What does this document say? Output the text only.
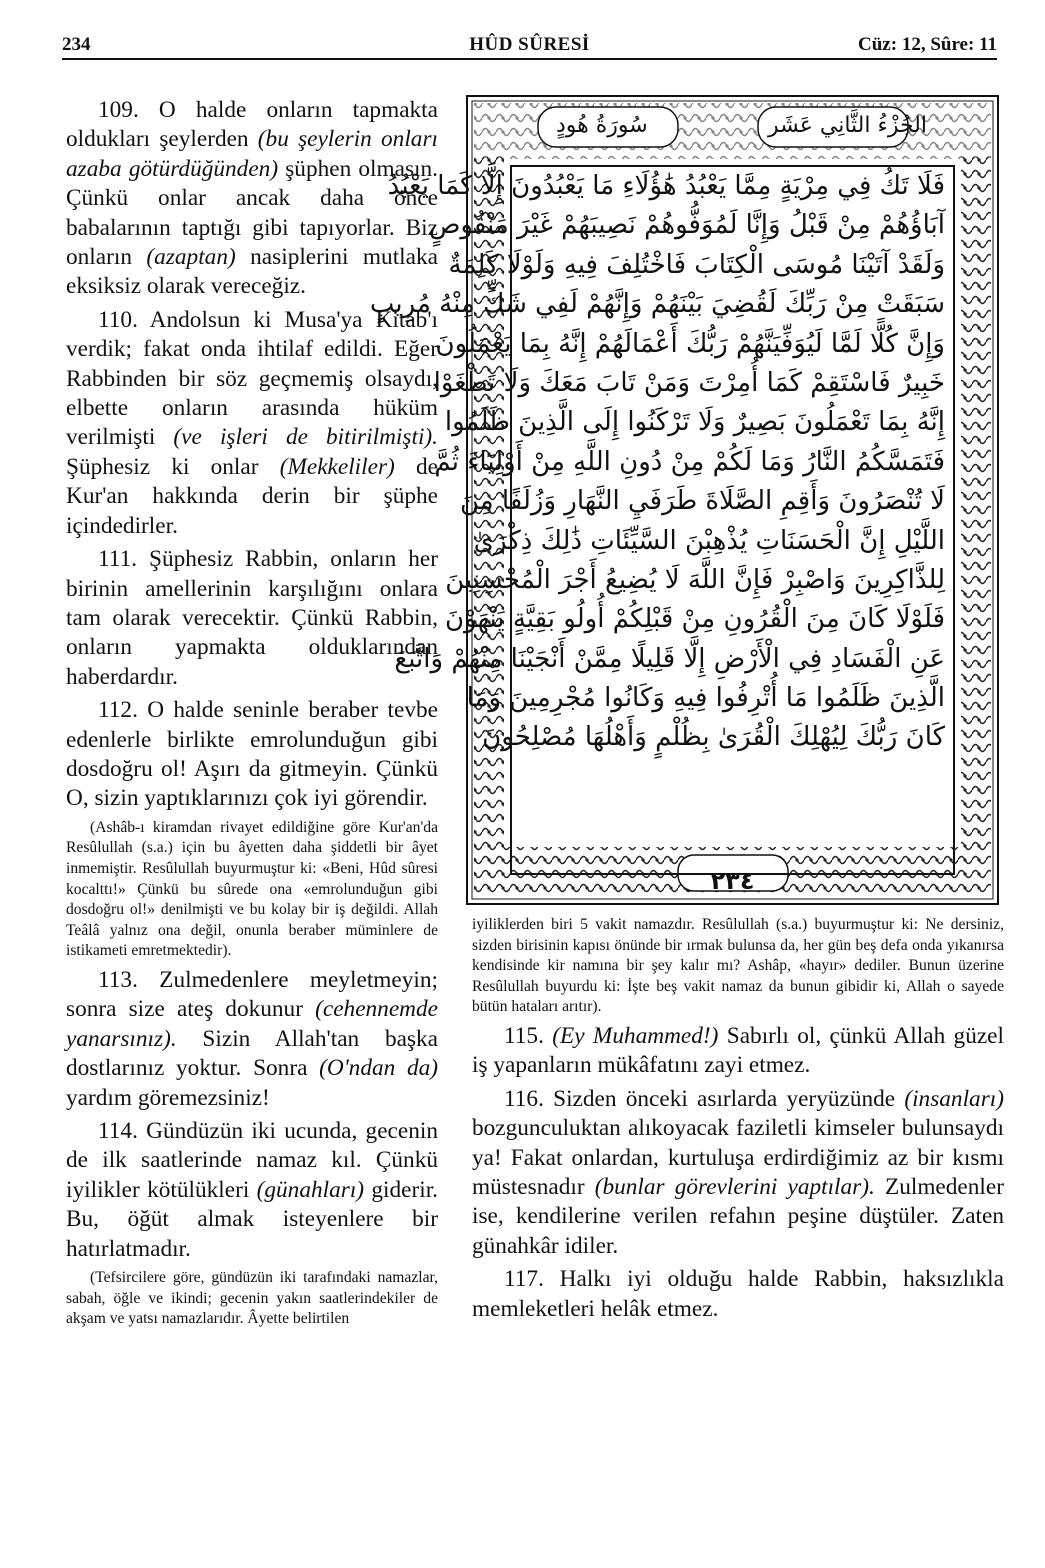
234	HÛD SÛRESİ	Cüz: 12, Sûre: 11

109. O halde onların tapmakta oldukları şeylerden (bu şeylerin onları azaba götürdüğünden) şüphen olmasın. Çünkü onlar ancak daha önce babalarının taptığı gibi tapıyorlar. Biz onların (azaptan) nasiplerini mutlaka eksiksiz olarak vereceğiz.

110. Andolsun ki Musa'ya Kitab'ı verdik; fakat onda ihtilaf edildi. Eğer Rabbinden bir söz geçmemiş olsaydı, elbette onların arasında hüküm verilmişti (ve işleri de bitirilmişti). Şüphesiz ki onlar (Mekkeliler) de Kur'an hakkında derin bir şüphe içindedirler.

111. Şüphesiz Rabbin, onların her birinin amellerinin karşılığını onlara tam olarak verecektir. Çünkü Rabbin, onların yapmakta olduklarından haberdardır.

112. O halde seninle beraber tevbe edenlerle birlikte emrolunduğun gibi dosdoğru ol! Aşırı da gitmeyin. Çünkü O, sizin yaptıklarınızı çok iyi görendir.

(Ashâb-ı kiramdan rivayet edildiğine göre Kur'an'da Resûlullah (s.a.) için bu âyetten daha şiddetli bir âyet inmemiştir. Resûlullah buyurmuştur ki: «Beni, Hûd sûresi kocalttı!» Çünkü bu sûrede ona «emrolunduğun gibi dosdoğru ol!» denilmişti ve bu kolay bir iş değildi. Allah Teâlâ yalnız ona değil, onunla beraber müminlere de istikameti emretmektedir).

113. Zulmedenlere meyletmeyin; sonra size ateş dokunur (cehennemde yanarsınız). Sizin Allah'tan başka dostlarınız yoktur. Sonra (O'ndan da) yardım göremezsiniz!

114. Gündüzün iki ucunda, gecenin de ilk saatlerinde namaz kıl. Çünkü iyilikler kötülükleri (günahları) giderir. Bu, öğüt almak isteyenlere bir hatırlatmadır.

(Tefsircilere göre, gündüzün iki tarafındaki namazlar, sabah, öğle ve ikindi; gecenin yakın saatlerindekiler de akşam ve yatsı namazlarıdır. Âyette belirtilen

الجُزْءُ الثَّانِي عَشَر
سُورَةُ هُودٍ
فَلَا تَكُ فِي مِرْيَةٍ مِمَّا يَعْبُدُ هَٰؤُلَاءِ مَا يَعْبُدُونَ إِلَّا كَمَا يَعْبُدُ
آبَاؤُهُمْ مِنْ قَبْلُ وَإِنَّا لَمُوَفُّوهُمْ نَصِيبَهُمْ غَيْرَ مَنْقُوصٍ
وَلَقَدْ آتَيْنَا مُوسَى الْكِتَابَ فَاخْتُلِفَ فِيهِ وَلَوْلَا كَلِمَةٌ
سَبَقَتْ مِنْ رَبِّكَ لَقُضِيَ بَيْنَهُمْ وَإِنَّهُمْ لَفِي شَكٍّ مِنْهُ مُرِيبٍ
وَإِنَّ كُلًّا لَمَّا لَيُوَفِّيَنَّهُمْ رَبُّكَ أَعْمَالَهُمْ إِنَّهُ بِمَا يَعْمَلُونَ
خَبِيرٌ فَاسْتَقِمْ كَمَا أُمِرْتَ وَمَنْ تَابَ مَعَكَ وَلَا تَطْغَوْا
إِنَّهُ بِمَا تَعْمَلُونَ بَصِيرٌ وَلَا تَرْكَنُوا إِلَى الَّذِينَ ظَلَمُوا
فَتَمَسَّكُمُ النَّارُ وَمَا لَكُمْ مِنْ دُونِ اللَّهِ مِنْ أَوْلِيَاءَ ثُمَّ
لَا تُنْصَرُونَ وَأَقِمِ الصَّلَاةَ طَرَفَيِ النَّهَارِ وَزُلَفًا مِنَ
اللَّيْلِ إِنَّ الْحَسَنَاتِ يُذْهِبْنَ السَّيِّئَاتِ ذَٰلِكَ ذِكْرَىٰ
لِلذَّاكِرِينَ وَاصْبِرْ فَإِنَّ اللَّهَ لَا يُضِيعُ أَجْرَ الْمُحْسِنِينَ
فَلَوْلَا كَانَ مِنَ الْقُرُونِ مِنْ قَبْلِكُمْ أُولُو بَقِيَّةٍ يَنْهَوْنَ
عَنِ الْفَسَادِ فِي الْأَرْضِ إِلَّا قَلِيلًا مِمَّنْ أَنْجَيْنَا مِنْهُمْ وَاتَّبَعَ
الَّذِينَ ظَلَمُوا مَا أُتْرِفُوا فِيهِ وَكَانُوا مُجْرِمِينَ وَمَا
كَانَ رَبُّكَ لِيُهْلِكَ الْقُرَىٰ بِظُلْمٍ وَأَهْلُهَا مُصْلِحُونَ
٢٣٤

iyiliklerden biri 5 vakit namazdır. Resûlullah (s.a.) buyurmuştur ki: Ne dersiniz, sizden birisinin kapısı önünde bir ırmak bulunsa da, her gün beş defa onda yıkanırsa kendisinde kir namına bir şey kalır mı? Ashâp, «hayır» dediler. Bunun üzerine Resûlullah buyurdu ki: İşte beş vakit namaz da bunun gibidir ki, Allah o sayede bütün hataları arıtır).

115. (Ey Muhammed!) Sabırlı ol, çünkü Allah güzel iş yapanların mükâfatını zayi etmez.

116. Sizden önceki asırlarda yeryüzünde (insanları) bozgunculuktan alıkoyacak faziletli kimseler bulunsaydı ya! Fakat onlardan, kurtuluşa erdirdiğimiz az bir kısmı müstesnadır (bunlar görevlerini yaptılar). Zulmedenler ise, kendilerine verilen refahın peşine düştüler. Zaten günahkâr idiler.

117. Halkı iyi olduğu halde Rabbin, haksızlıkla memleketleri helâk etmez.
